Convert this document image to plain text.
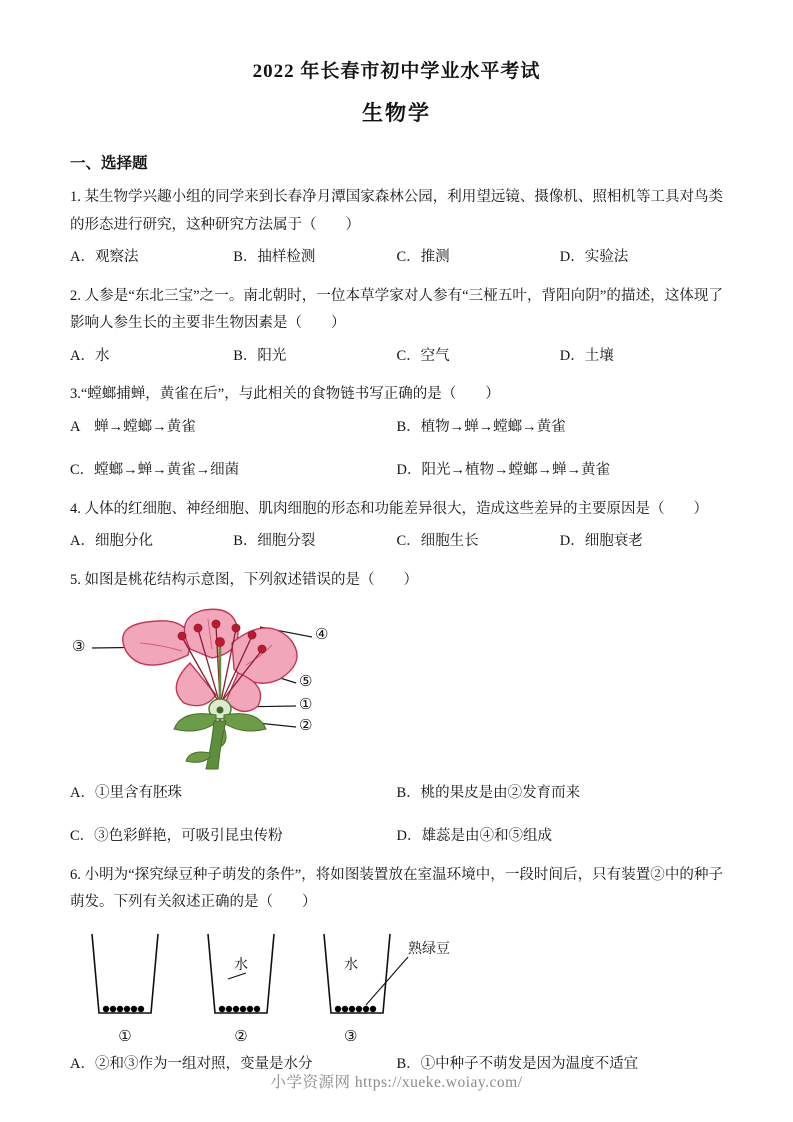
2022 年长春市初中学业水平考试
生物学
一、选择题
1. 某生物学兴趣小组的同学来到长春净月潭国家森林公园，利用望远镜、摄像机、照相机等工具对鸟类的形态进行研究，这种研究方法属于（　　）
A．观察法	B．抽样检测	C．推测	D．实验法
2. 人参是“东北三宝”之一。南北朝时，一位本草学家对人参有“三桠五叶，背阳向阴”的描述，这体现了影响人参生长的主要非生物因素是（　　）
A．水	B．阳光	C．空气	D．土壤
3.“螳螂捕蝉，黄雀在后”，与此相关的食物链书写正确的是（　　）
A　蝉→螳螂→黄雀	B．植物→蝉→螳螂→黄雀
C．螳螂→蝉→黄雀→细菌	D．阳光→植物→螳螂→蝉→黄雀
4. 人体的红细胞、神经细胞、肌肉细胞的形态和功能差异很大，造成这些差异的主要原因是（　　）
A．细胞分化	B．细胞分裂	C．细胞生长	D．细胞衰老
5. 如图是桃花结构示意图，下列叙述错误的是（　　）
③
④
⑤
①
②
A．①里含有胚珠	B．桃的果皮是由②发育而来
C．③色彩鲜艳，可吸引昆虫传粉	D．雄蕊是由④和⑤组成
6. 小明为“探究绿豆种子萌发的条件”，将如图装置放在室温环境中，一段时间后，只有装置②中的种子萌发。下列有关叙述正确的是（　　）
①
水
②
水
熟绿豆
③
A．②和③作为一组对照，变量是水分	B．①中种子不萌发是因为温度不适宜
小学资源网 https://xueke.woiay.com/
